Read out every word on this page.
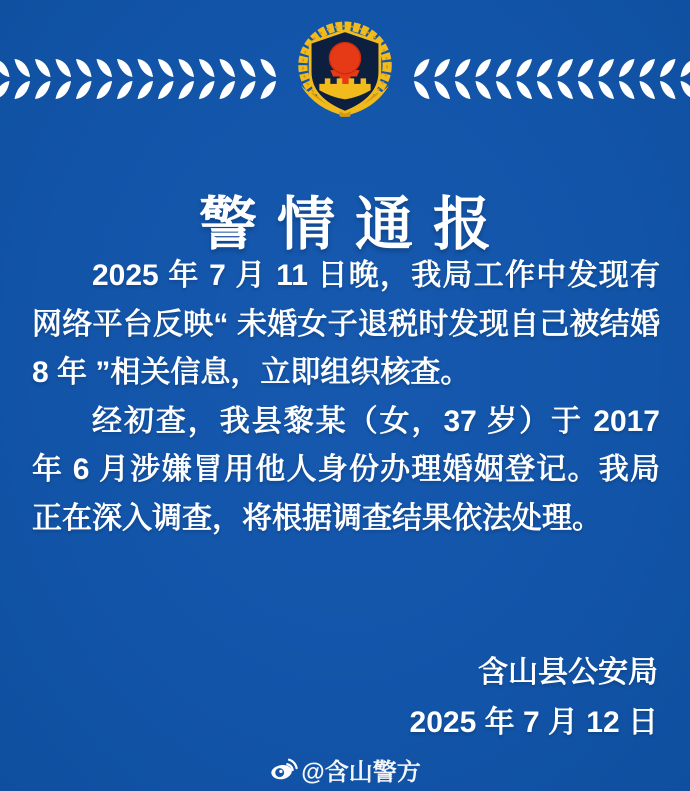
警情通报

2025 年 7 月 11 日晚，我局工作中发现有网络平台反映“ 未婚女子退税时发现自己被结婚 8 年 ”相关信息，立即组织核查。

经初查，我县黎某（女，37 岁）于 2017 年 6 月涉嫌冒用他人身份办理婚姻登记。我局正在深入调查，将根据调查结果依法处理。

含山县公安局
2025 年 7 月 12 日
@含山警方
